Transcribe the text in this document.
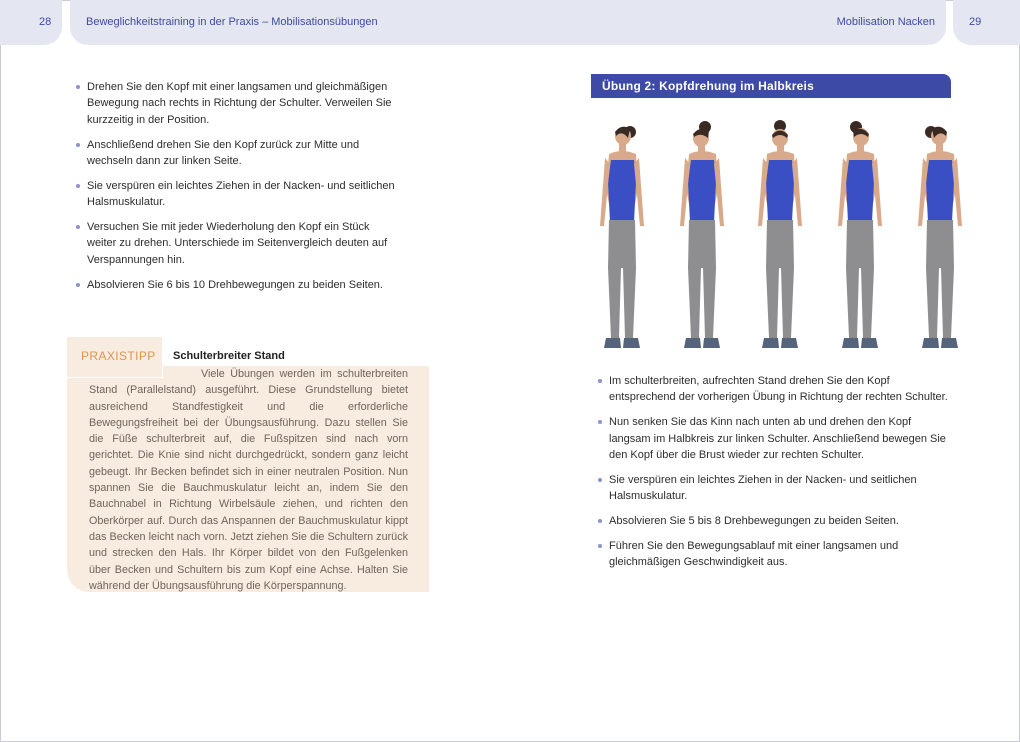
28	Beweglichkeitstraining in der Praxis – Mobilisationsübungen	Mobilisation Nacken	29
Drehen Sie den Kopf mit einer langsamen und gleichmäßigen Bewegung nach rechts in Richtung der Schulter. Verweilen Sie kurzzeitig in der Position.
Anschließend drehen Sie den Kopf zurück zur Mitte und wechseln dann zur linken Seite.
Sie verspüren ein leichtes Ziehen in der Nacken- und seitlichen Halsmuskulatur.
Versuchen Sie mit jeder Wiederholung den Kopf ein Stück weiter zu drehen. Unterschiede im Seitenvergleich deuten auf Verspannungen hin.
Absolvieren Sie 6 bis 10 Drehbewegungen zu beiden Seiten.
PRAXISTIPP Schulterbreiter Stand
Viele Übungen werden im schulterbreiten Stand (Parallelstand) ausgeführt. Diese Grundstellung bietet ausreichend Standfestigkeit und die erforderliche Bewegungsfreiheit bei der Übungsausführung. Dazu stellen Sie die Füße schulterbreit auf, die Fußspitzen sind nach vorn gerichtet. Die Knie sind nicht durchgedrückt, sondern ganz leicht gebeugt. Ihr Becken befindet sich in einer neutralen Position. Nun spannen Sie die Bauchmuskulatur leicht an, indem Sie den Bauchnabel in Richtung Wirbelsäule ziehen, und richten den Oberkörper auf. Durch das Anspannen der Bauchmuskulatur kippt das Becken leicht nach vorn. Jetzt ziehen Sie die Schultern zurück und strecken den Hals. Ihr Körper bildet von den Fußgelenken über Becken und Schultern bis zum Kopf eine Achse. Halten Sie während der Übungsausführung die Körperspannung.
Übung 2: Kopfdrehung im Halbkreis
Im schulterbreiten, aufrechten Stand drehen Sie den Kopf entsprechend der vorherigen Übung in Richtung der rechten Schulter.
Nun senken Sie das Kinn nach unten ab und drehen den Kopf langsam im Halbkreis zur linken Schulter. Anschließend bewegen Sie den Kopf über die Brust wieder zur rechten Schulter.
Sie verspüren ein leichtes Ziehen in der Nacken- und seitlichen Halsmuskulatur.
Absolvieren Sie 5 bis 8 Drehbewegungen zu beiden Seiten.
Führen Sie den Bewegungsablauf mit einer langsamen und gleichmäßigen Geschwindigkeit aus.
